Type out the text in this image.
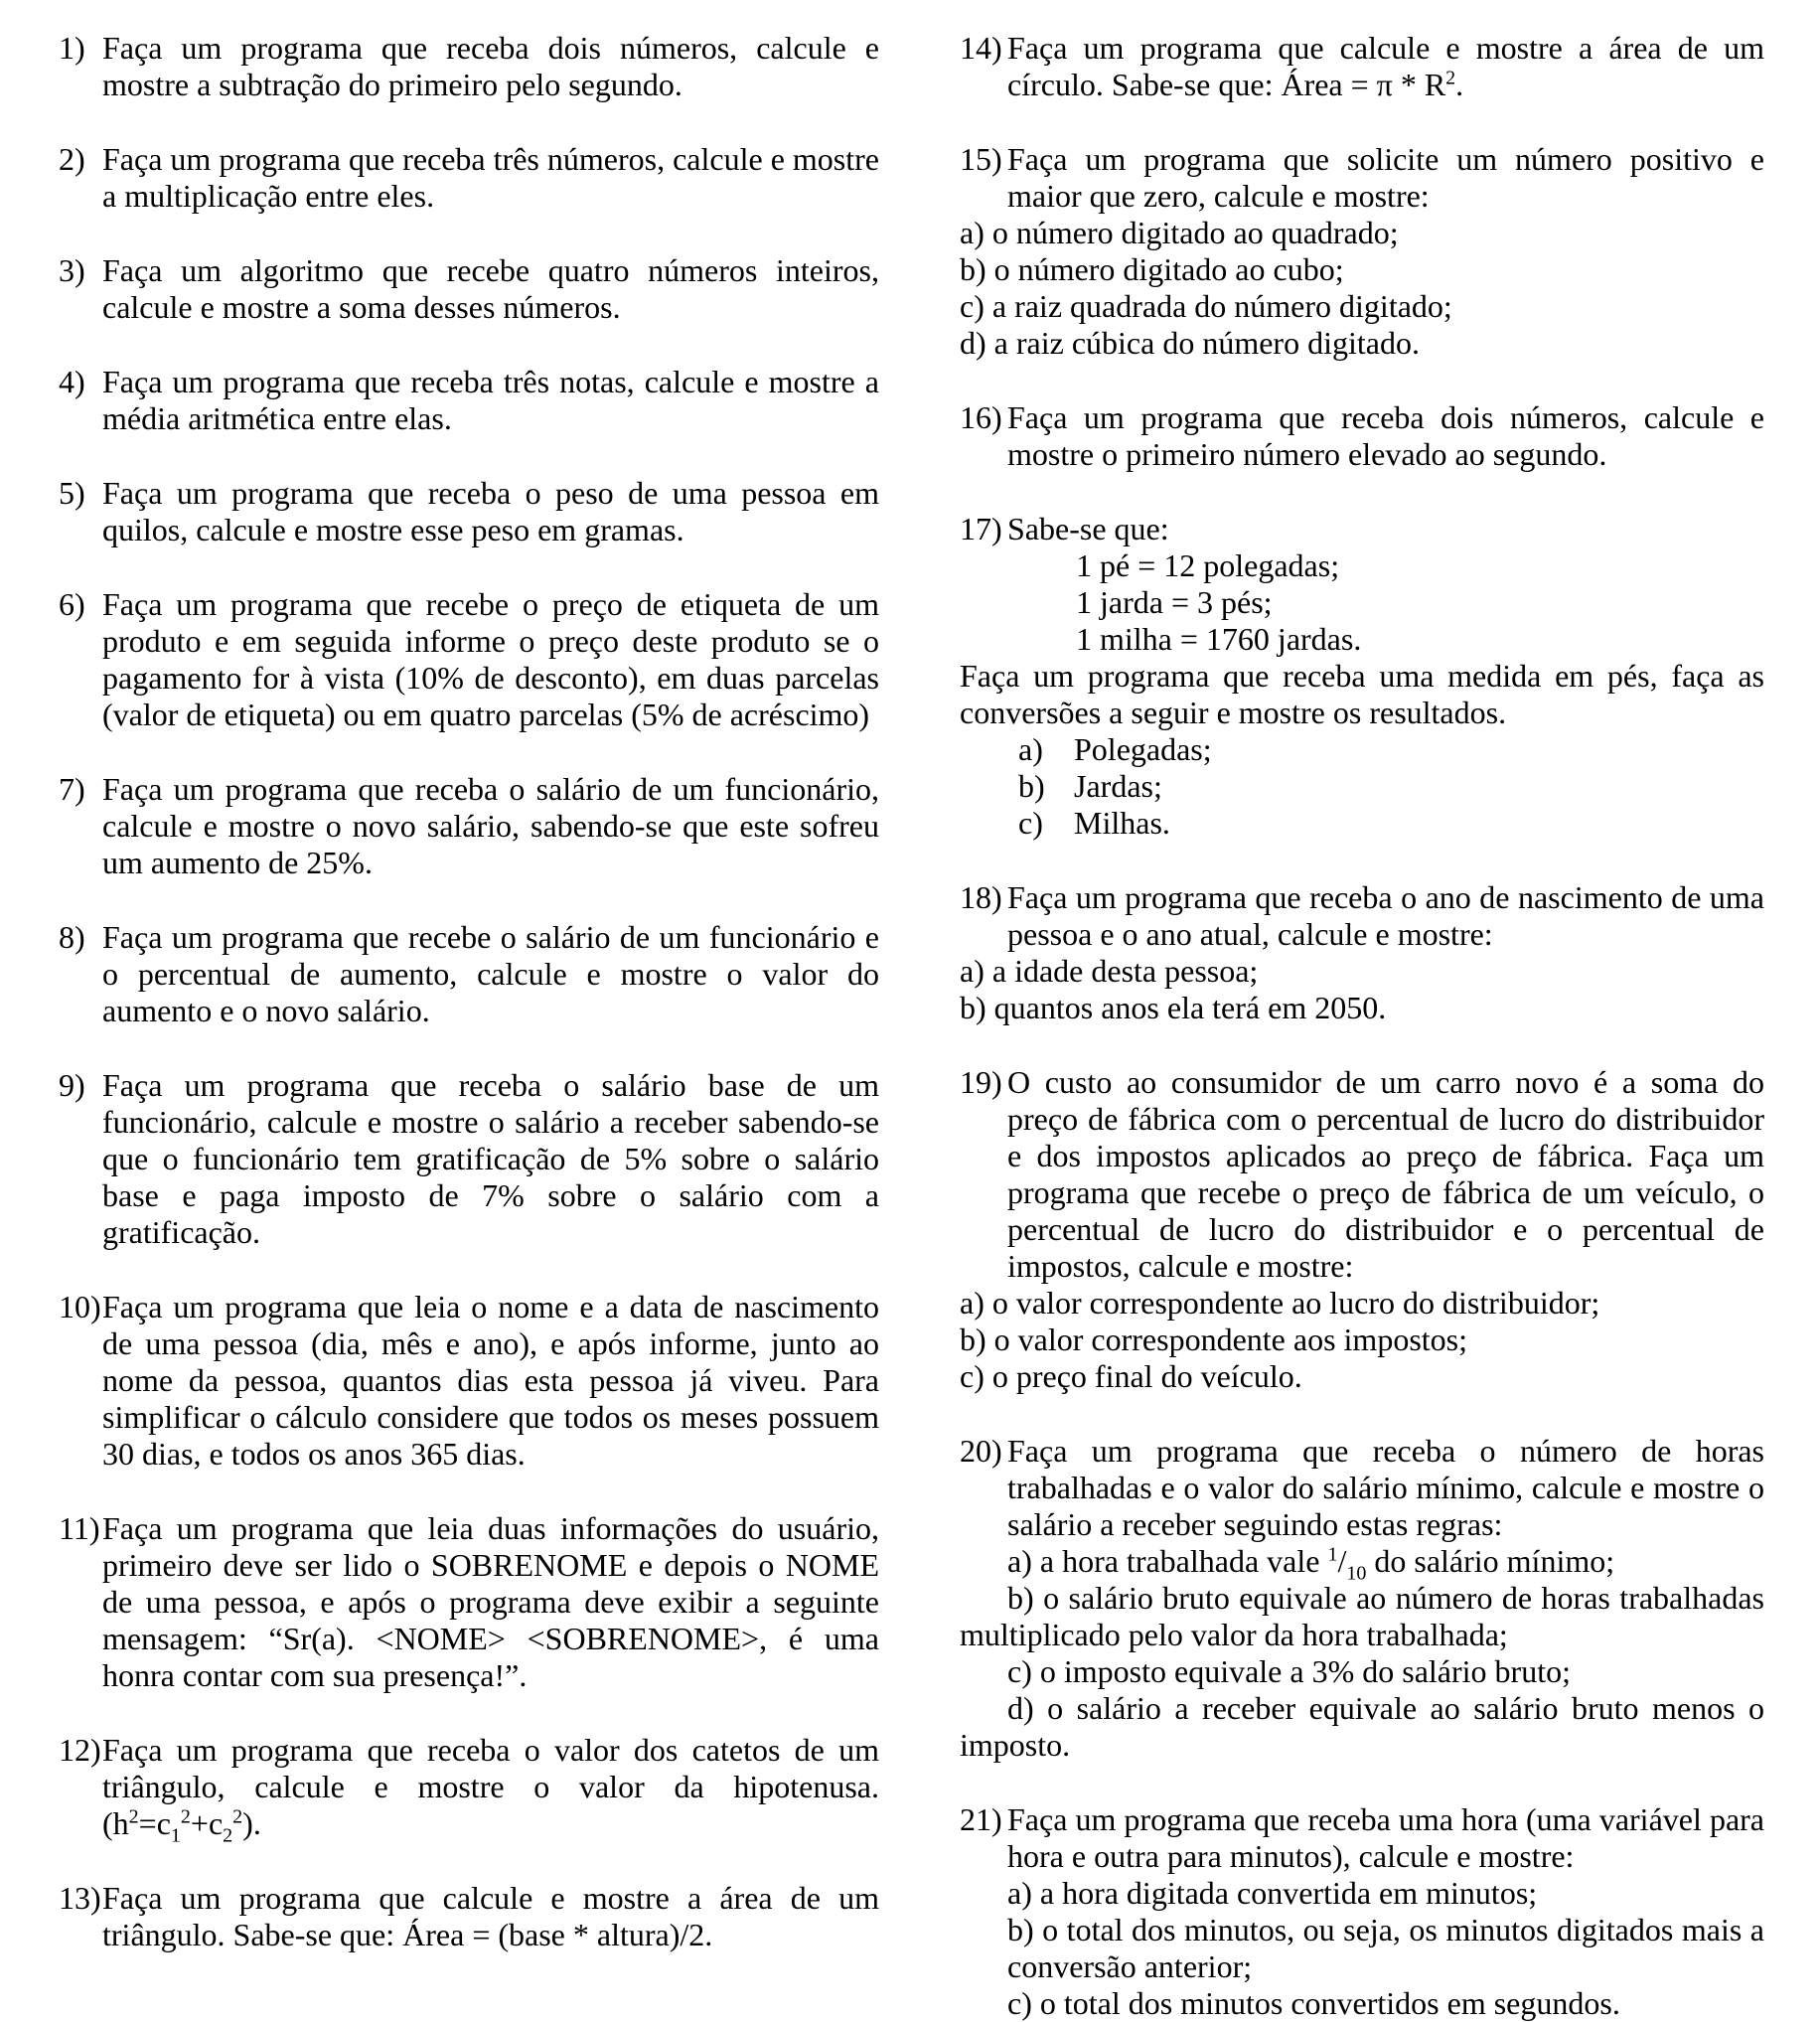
1) Faça um programa que receba dois números, calcule e mostre a subtração do primeiro pelo segundo.
2) Faça um programa que receba três números, calcule e mostre a multiplicação entre eles.
3) Faça um algoritmo que recebe quatro números inteiros, calcule e mostre a soma desses números.
4) Faça um programa que receba três notas, calcule e mostre a média aritmética entre elas.
5) Faça um programa que receba o peso de uma pessoa em quilos, calcule e mostre esse peso em gramas.
6) Faça um programa que recebe o preço de etiqueta de um produto e em seguida informe o preço deste produto se o pagamento for à vista (10% de desconto), em duas parcelas (valor de etiqueta) ou em quatro parcelas (5% de acréscimo)
7) Faça um programa que receba o salário de um funcionário, calcule e mostre o novo salário, sabendo-se que este sofreu um aumento de 25%.
8) Faça um programa que recebe o salário de um funcionário e o percentual de aumento, calcule e mostre o valor do aumento e o novo salário.
9) Faça um programa que receba o salário base de um funcionário, calcule e mostre o salário a receber sabendo-se que o funcionário tem gratificação de 5% sobre o salário base e paga imposto de 7% sobre o salário com a gratificação.
10)Faça um programa que leia o nome e a data de nascimento de uma pessoa (dia, mês e ano), e após informe, junto ao nome da pessoa, quantos dias esta pessoa já viveu. Para simplificar o cálculo considere que todos os meses possuem 30 dias, e todos os anos 365 dias.
11)Faça um programa que leia duas informações do usuário, primeiro deve ser lido o SOBRENOME e depois o NOME de uma pessoa, e após o programa deve exibir a seguinte mensagem: “Sr(a). <NOME> <SOBRENOME>, é uma honra contar com sua presença!”.
12)Faça um programa que receba o valor dos catetos de um triângulo, calcule e mostre o valor da hipotenusa. $(h^2=c_1^2+c_2^2)$.
13)Faça um programa que calcule e mostre a área de um triângulo. Sabe-se que: Área = (base * altura)/2.
14) Faça um programa que calcule e mostre a área de um círculo. Sabe-se que: Área = π * $R^2$.
15) Faça um programa que solicite um número positivo e maior que zero, calcule e mostre:

a) o número digitado ao quadrado;

b) o número digitado ao cubo;

c) a raiz quadrada do número digitado;

d) a raiz cúbica do número digitado.

16) Faça um programa que receba dois números, calcule e mostre o primeiro número elevado ao segundo.
17) Sabe-se que:

1 pé = 12 polegadas;

1 jarda = 3 pés;

1 milha = 1760 jardas.

Faça um programa que receba uma medida em pés, faça as conversões a seguir e mostre os resultados.

a) Polegadas;

b) Jardas;

c) Milhas.

18) Faça um programa que receba o ano de nascimento de uma pessoa e o ano atual, calcule e mostre:

a) a idade desta pessoa;

b) quantos anos ela terá em 2050.

19) O custo ao consumidor de um carro novo é a soma do preço de fábrica com o percentual de lucro do distribuidor e dos impostos aplicados ao preço de fábrica. Faça um programa que recebe o preço de fábrica de um veículo, o percentual de lucro do distribuidor e o percentual de impostos, calcule e mostre:

a) o valor correspondente ao lucro do distribuidor;

b) o valor correspondente aos impostos;

c) o preço final do veículo.

20) Faça um programa que receba o número de horas trabalhadas e o valor do salário mínimo, calcule e mostre o salário a receber seguindo estas regras:

a) a hora trabalhada vale $^1/_{10}$ do salário mínimo;

b) o salário bruto equivale ao número de horas trabalhadas multiplicado pelo valor da hora trabalhada;

c) o imposto equivale a 3% do salário bruto;

d) o salário a receber equivale ao salário bruto menos o imposto.

21) Faça um programa que receba uma hora (uma variável para hora e outra para minutos), calcule e mostre:

a) a hora digitada convertida em minutos;

b) o total dos minutos, ou seja, os minutos digitados mais a conversão anterior;

c) o total dos minutos convertidos em segundos.
